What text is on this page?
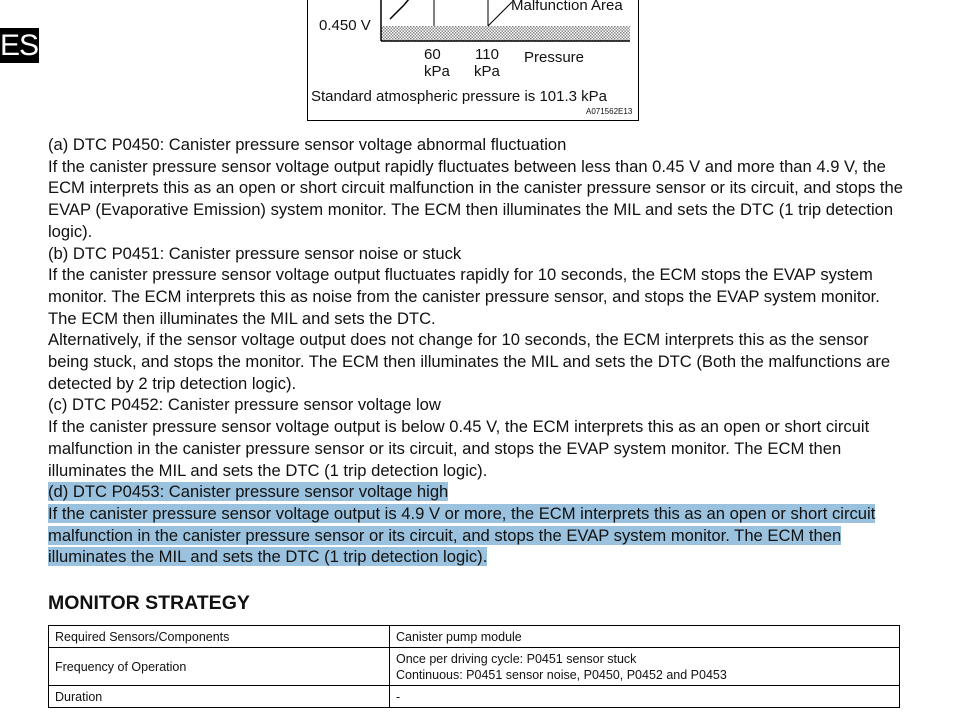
ES
Malfunction Area
0.450 V
60
kPa
110
kPa
Pressure
Standard atmospheric pressure is 101.3 kPa
A071562E13

(a) DTC P0450: Canister pressure sensor voltage abnormal fluctuation

If the canister pressure sensor voltage output rapidly fluctuates between less than 0.45 V and more than 4.9 V, the ECM interprets this as an open or short circuit malfunction in the canister pressure sensor or its circuit, and stops the EVAP (Evaporative Emission) system monitor. The ECM then illuminates the MIL and sets the DTC (1 trip detection logic).

(b) DTC P0451: Canister pressure sensor noise or stuck

If the canister pressure sensor voltage output fluctuates rapidly for 10 seconds, the ECM stops the EVAP system monitor. The ECM interprets this as noise from the canister pressure sensor, and stops the EVAP system monitor. The ECM then illuminates the MIL and sets the DTC.

Alternatively, if the sensor voltage output does not change for 10 seconds, the ECM interprets this as the sensor being stuck, and stops the monitor. The ECM then illuminates the MIL and sets the DTC (Both the malfunctions are detected by 2 trip detection logic).

(c) DTC P0452: Canister pressure sensor voltage low

If the canister pressure sensor voltage output is below 0.45 V, the ECM interprets this as an open or short circuit malfunction in the canister pressure sensor or its circuit, and stops the EVAP system monitor. The ECM then illuminates the MIL and sets the DTC (1 trip detection logic).

(d) DTC P0453: Canister pressure sensor voltage high

If the canister pressure sensor voltage output is 4.9 V or more, the ECM interprets this as an open or short circuit malfunction in the canister pressure sensor or its circuit, and stops the EVAP system monitor. The ECM then illuminates the MIL and sets the DTC (1 trip detection logic).

MONITOR STRATEGY
Required Sensors/Components	Canister pump module
Frequency of Operation	Once per driving cycle: P0451 sensor stuck
Continuous: P0451 sensor noise, P0450, P0452 and P0453

Duration	-
